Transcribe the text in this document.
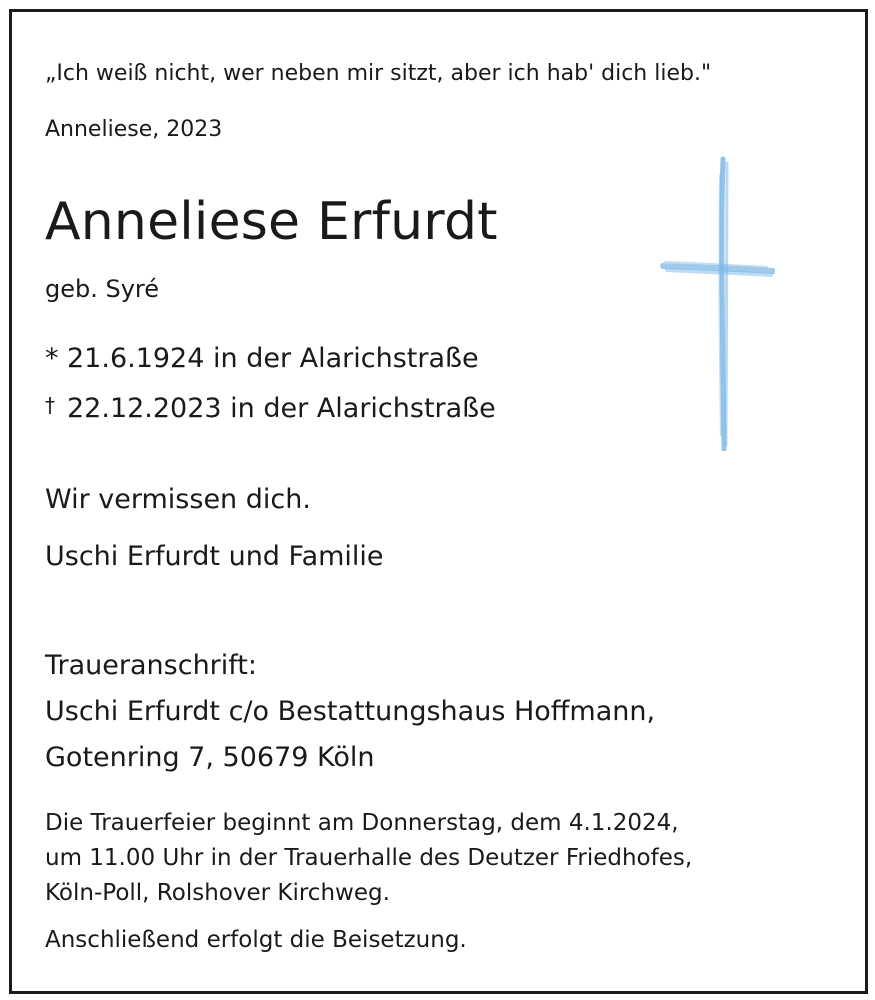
„Ich weiß nicht, wer neben mir sitzt, aber ich hab' dich lieb."

Anneliese, 2023

Anneliese Erfurdt

geb. Syré

* 21.6.1924 in der Alarichstraße

† 22.12.2023 in der Alarichstraße

Wir vermissen dich.

Uschi Erfurdt und Familie

Traueranschrift:
Uschi Erfurdt c/o Bestattungshaus Hoffmann,
Gotenring 7, 50679 Köln
Die Trauerfeier beginnt am Donnerstag, dem 4.1.2024,
um 11.00 Uhr in der Trauerhalle des Deutzer Friedhofes,
Köln-Poll, Rolshover Kirchweg.

Anschließend erfolgt die Beisetzung.
